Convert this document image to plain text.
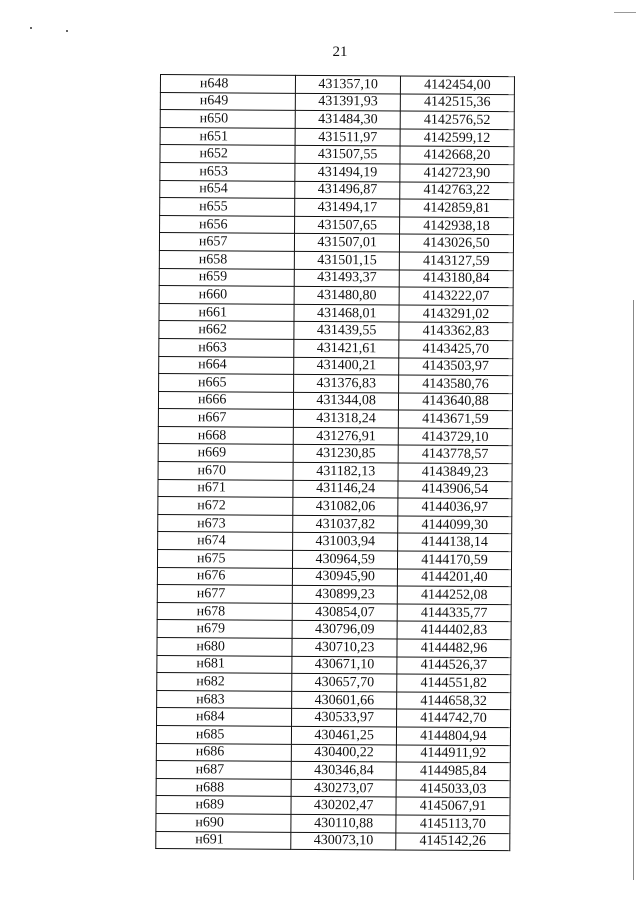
21
н648	431357,10	4142454,00
н649	431391,93	4142515,36
н650	431484,30	4142576,52
н651	431511,97	4142599,12
н652	431507,55	4142668,20
н653	431494,19	4142723,90
н654	431496,87	4142763,22
н655	431494,17	4142859,81
н656	431507,65	4142938,18
н657	431507,01	4143026,50
н658	431501,15	4143127,59
н659	431493,37	4143180,84
н660	431480,80	4143222,07
н661	431468,01	4143291,02
н662	431439,55	4143362,83
н663	431421,61	4143425,70
н664	431400,21	4143503,97
н665	431376,83	4143580,76
н666	431344,08	4143640,88
н667	431318,24	4143671,59
н668	431276,91	4143729,10
н669	431230,85	4143778,57
н670	431182,13	4143849,23
н671	431146,24	4143906,54
н672	431082,06	4144036,97
н673	431037,82	4144099,30
н674	431003,94	4144138,14
н675	430964,59	4144170,59
н676	430945,90	4144201,40
н677	430899,23	4144252,08
н678	430854,07	4144335,77
н679	430796,09	4144402,83
н680	430710,23	4144482,96
н681	430671,10	4144526,37
н682	430657,70	4144551,82
н683	430601,66	4144658,32
н684	430533,97	4144742,70
н685	430461,25	4144804,94
н686	430400,22	4144911,92
н687	430346,84	4144985,84
н688	430273,07	4145033,03
н689	430202,47	4145067,91
н690	430110,88	4145113,70
н691	430073,10	4145142,26
